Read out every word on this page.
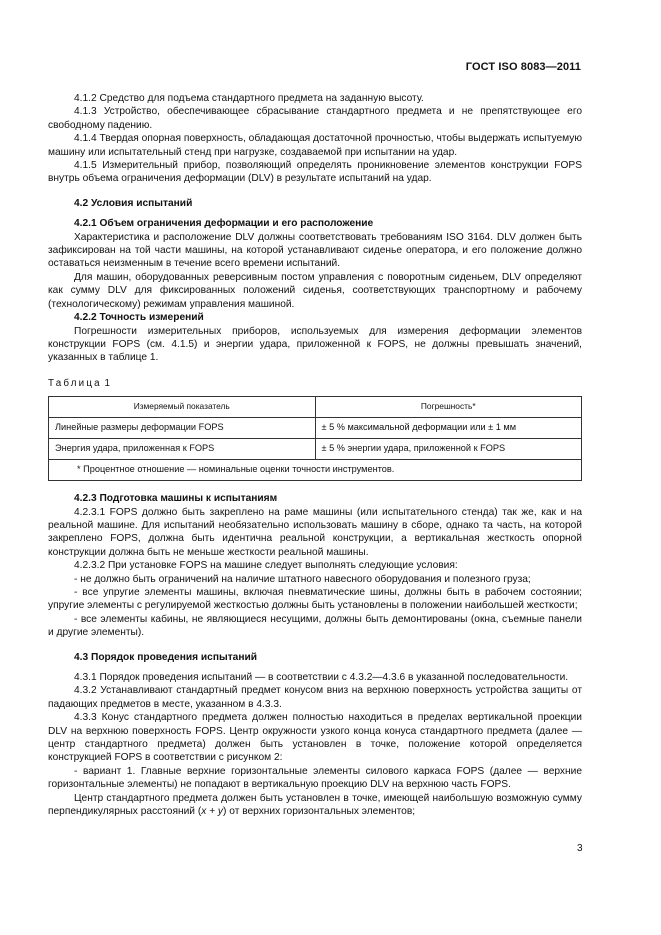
ГОСТ ISO 8083—2011

4.1.2 Средство для подъема стандартного предмета на заданную высоту.

4.1.3 Устройство, обеспечивающее сбрасывание стандартного предмета и не препятствующее его свободному падению.

4.1.4 Твердая опорная поверхность, обладающая достаточной прочностью, чтобы выдержать испытуемую машину или испытательный стенд при нагрузке, создаваемой при испытании на удар.

4.1.5 Измерительный прибор, позволяющий определять проникновение элементов конструкции FOPS внутрь объема ограничения деформации (DLV) в результате испытаний на удар.

4.2 Условия испытаний

4.2.1 Объем ограничения деформации и его расположение

Характеристика и расположение DLV должны соответствовать требованиям ISO 3164. DLV должен быть зафиксирован на той части машины, на которой устанавливают сиденье оператора, и его положение должно оставаться неизменным в течение всего времени испытаний.

Для машин, оборудованных реверсивным постом управления с поворотным сиденьем, DLV определяют как сумму DLV для фиксированных положений сиденья, соответствующих транспортному и рабочему (технологическому) режимам управления машиной.

4.2.2 Точность измерений

Погрешности измерительных приборов, используемых для измерения деформации элементов конструкции FOPS (см. 4.1.5) и энергии удара, приложенной к FOPS, не должны превышать значений, указанных в таблице 1.

Таблица 1
Измеряемый показатель	Погрешность*
Линейные размеры деформации FOPS	± 5 % максимальной деформации или ± 1 мм
Энергия удара, приложенная к FOPS	± 5 % энергии удара, приложенной к FOPS
* Процентное отношение — номинальные оценки точности инструментов.	

4.2.3 Подготовка машины к испытаниям

4.2.3.1 FOPS должно быть закреплено на раме машины (или испытательного стенда) так же, как и на реальной машине. Для испытаний необязательно использовать машину в сборе, однако та часть, на которой закреплено FOPS, должна быть идентична реальной конструкции, а вертикальная жесткость опорной конструкции должна быть не меньше жесткости реальной машины.

4.2.3.2 При установке FOPS на машине следует выполнять следующие условия:

- не должно быть ограничений на наличие штатного навесного оборудования и полезного груза;

- все упругие элементы машины, включая пневматические шины, должны быть в рабочем состоянии; упругие элементы с регулируемой жесткостью должны быть установлены в положении наибольшей жесткости;

- все элементы кабины, не являющиеся несущими, должны быть демонтированы (окна, съемные панели и другие элементы).

4.3 Порядок проведения испытаний

4.3.1 Порядок проведения испытаний — в соответствии с 4.3.2—4.3.6 в указанной последовательности.

4.3.2 Устанавливают стандартный предмет конусом вниз на верхнюю поверхность устройства защиты от падающих предметов в месте, указанном в 4.3.3.

4.3.3 Конус стандартного предмета должен полностью находиться в пределах вертикальной проекции DLV на верхнюю поверхность FOPS. Центр окружности узкого конца конуса стандартного предмета (далее — центр стандартного предмета) должен быть установлен в точке, положение которой определяется конструкцией FOPS в соответствии с рисунком 2:

- вариант 1. Главные верхние горизонтальные элементы силового каркаса FOPS (далее — верхние горизонтальные элементы) не попадают в вертикальную проекцию DLV на верхнюю часть FOPS.

Центр стандартного предмета должен быть установлен в точке, имеющей наибольшую возможную сумму перпендикулярных расстояний (x + y) от верхних горизонтальных элементов;

3
